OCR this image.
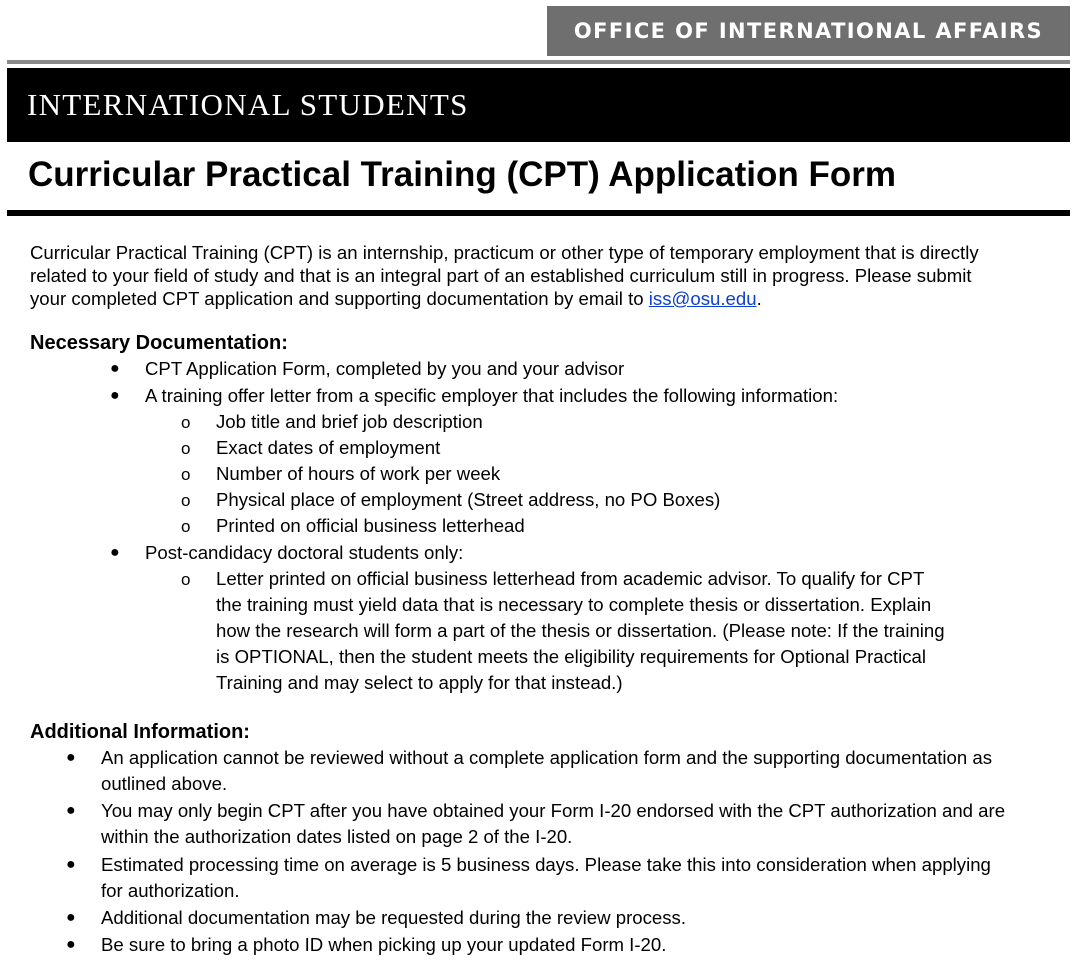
OFFICE OF INTERNATIONAL AFFAIRS
INTERNATIONAL STUDENTS
Curricular Practical Training (CPT) Application Form
Curricular Practical Training (CPT) is an internship, practicum or other type of temporary employment that is directly
related to your field of study and that is an integral part of an established curriculum still in progress. Please submit
your completed CPT application and supporting documentation by email to iss@osu.edu.
Necessary Documentation:
● CPT Application Form, completed by you and your advisor
● A training offer letter from a specific employer that includes the following information:
o Job title and brief job description
o Exact dates of employment
o Number of hours of work per week
o Physical place of employment (Street address, no PO Boxes)
o Printed on official business letterhead
● Post-candidacy doctoral students only:
o Letter printed on official business letterhead from academic advisor. To qualify for CPT
the training must yield data that is necessary to complete thesis or dissertation. Explain
how the research will form a part of the thesis or dissertation. (Please note: If the training
is OPTIONAL, then the student meets the eligibility requirements for Optional Practical
Training and may select to apply for that instead.)
Additional Information:
● An application cannot be reviewed without a complete application form and the supporting documentation as
outlined above.
● You may only begin CPT after you have obtained your Form I-20 endorsed with the CPT authorization and are
within the authorization dates listed on page 2 of the I-20.
● Estimated processing time on average is 5 business days. Please take this into consideration when applying
for authorization.
● Additional documentation may be requested during the review process.
● Be sure to bring a photo ID when picking up your updated Form I-20.
